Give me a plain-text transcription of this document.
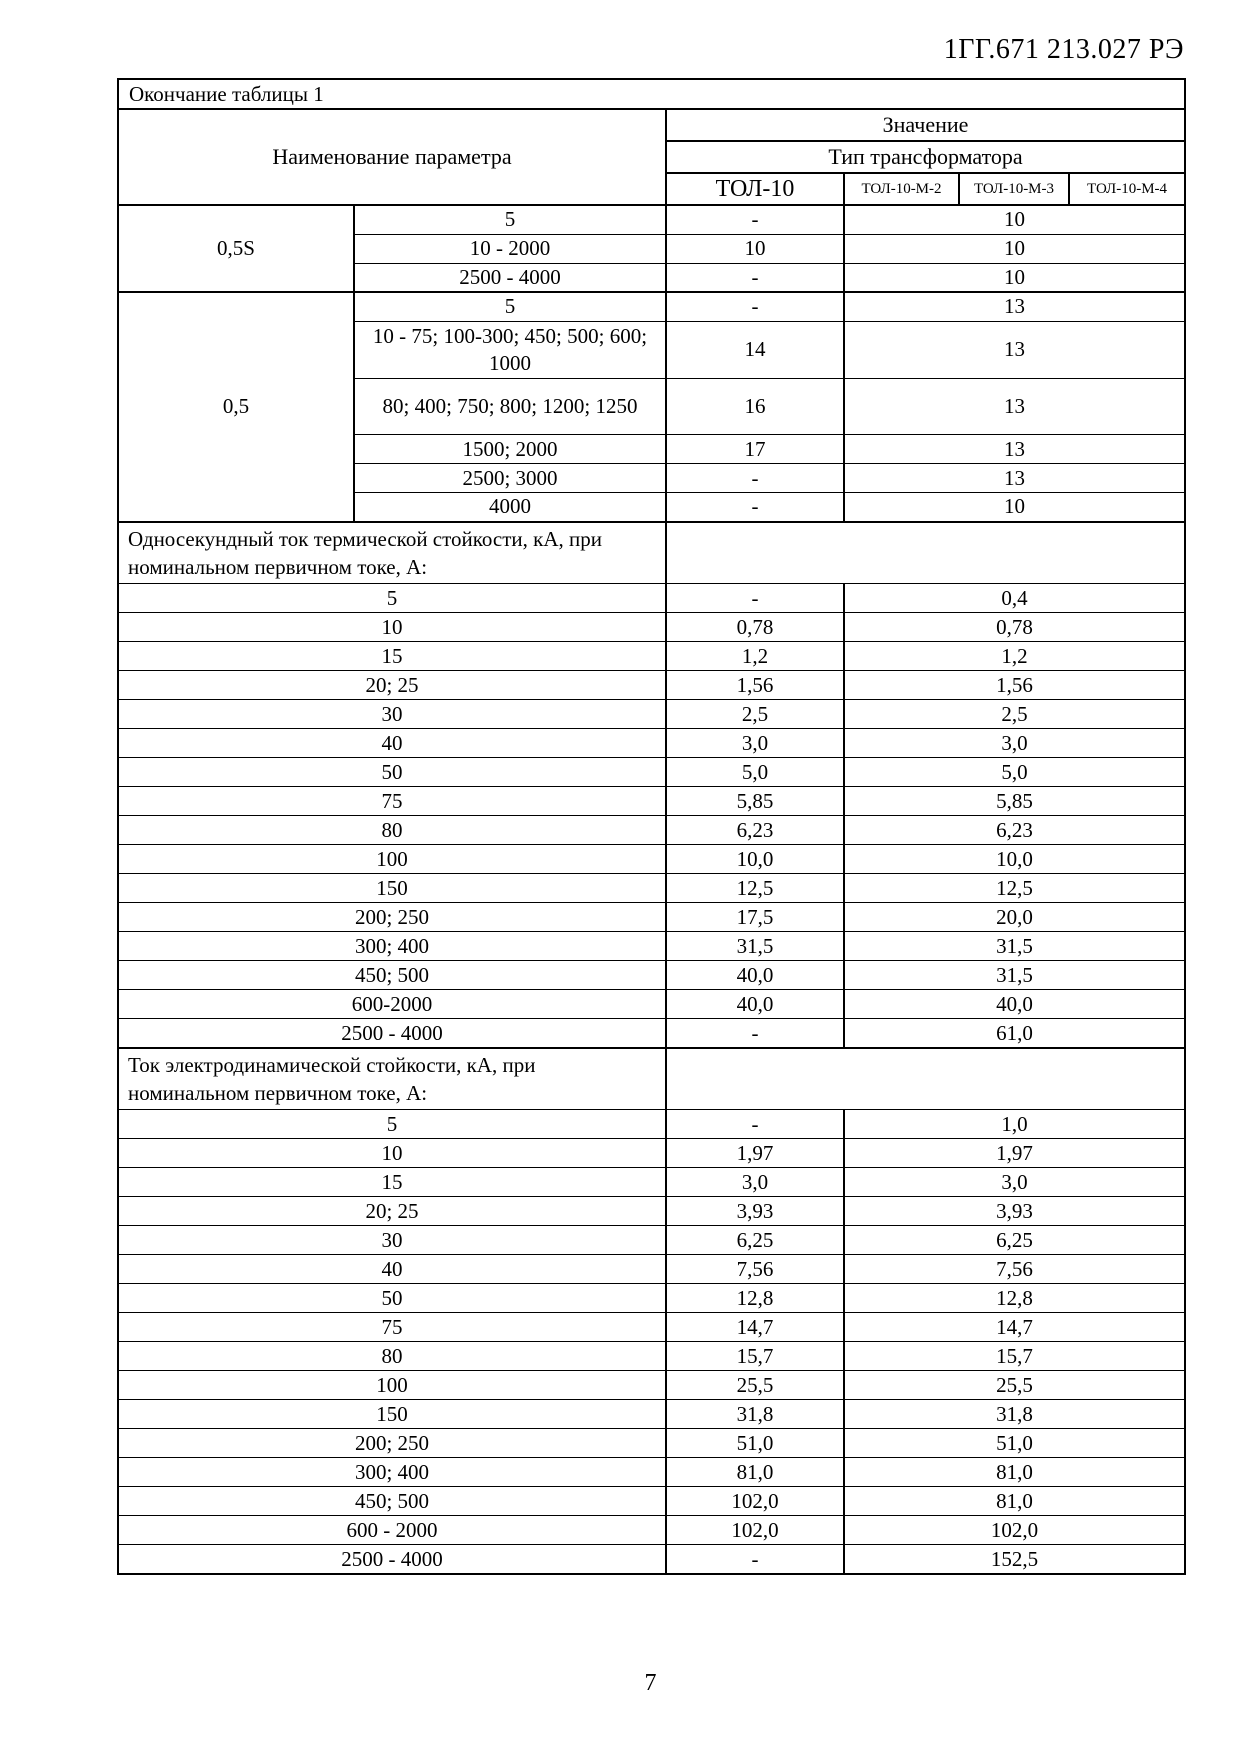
1ГГ.671 213.027 РЭ
Окончание таблицы 1					
Наименование параметра		Значение			
		Тип трансформатора			
		ТОЛ-10	ТОЛ-10-М-2	ТОЛ-10-М-3	ТОЛ-10-М-4
0,5S	5	-	10		
	10 - 2000	10	10		
	2500 - 4000	-	10		
0,5	5	-	13		
	10 - 75; 100-300; 450; 500; 600; 1000	14	13		
	80; 400; 750; 800; 1200; 1250	16	13		
	1500; 2000	17	13		
	2500; 3000	-	13		
	4000	-	10		
Односекундный ток термической стойкости, кА, при номинальном первичном токе, А:					
5		-	0,4		
10		0,78	0,78		
15		1,2	1,2		
20; 25		1,56	1,56		
30		2,5	2,5		
40		3,0	3,0		
50		5,0	5,0		
75		5,85	5,85		
80		6,23	6,23		
100		10,0	10,0		
150		12,5	12,5		
200; 250		17,5	20,0		
300; 400		31,5	31,5		
450; 500		40,0	31,5		
600-2000		40,0	40,0		
2500 - 4000		-	61,0		
Ток электродинамической стойкости, кА, при номинальном первичном токе, А:					
5		-	1,0		
10		1,97	1,97		
15		3,0	3,0		
20; 25		3,93	3,93		
30		6,25	6,25		
40		7,56	7,56		
50		12,8	12,8		
75		14,7	14,7		
80		15,7	15,7		
100		25,5	25,5		
150		31,8	31,8		
200; 250		51,0	51,0		
300; 400		81,0	81,0		
450; 500		102,0	81,0		
600 - 2000		102,0	102,0		
2500 - 4000		-	152,5		
7
